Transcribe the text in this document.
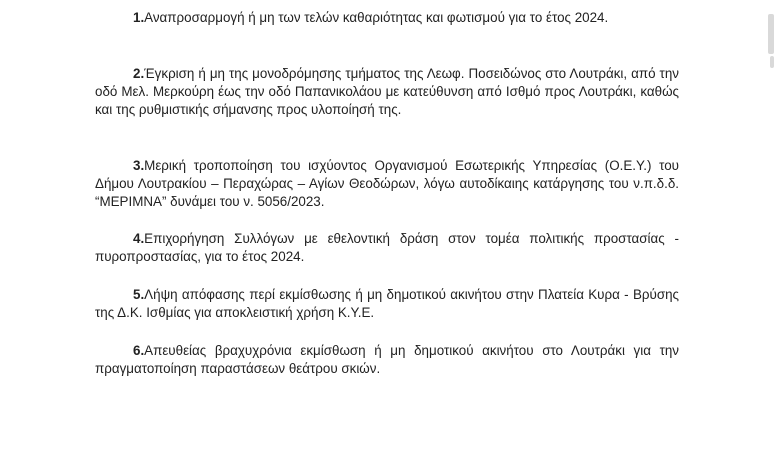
1.Αναπροσαρμογή ή μη των τελών καθαριότητας και φωτισμού για το έτος 2024.

2.Έγκριση ή μη της μονοδρόμησης τμήματος της Λεωφ. Ποσειδώνος στο Λουτράκι, από την οδό Μελ. Μερκούρη έως την οδό Παπανικολάου με κατεύθυνση από Ισθμό προς Λουτράκι, καθώς και της ρυθμιστικής σήμανσης προς υλοποίησή της.

3.Μερική τροποποίηση του ισχύοντος Οργανισμού Εσωτερικής Υπηρεσίας (Ο.Ε.Υ.) του Δήμου Λουτρακίου – Περαχώρας – Αγίων Θεοδώρων, λόγω αυτοδίκαιης κατάργησης του ν.π.δ.δ. “ΜΕΡΙΜΝΑ” δυνάμει του ν. 5056/2023.

4.Επιχορήγηση Συλλόγων με εθελοντική δράση στον τομέα πολιτικής προστασίας - πυροπροστασίας, για το έτος 2024.

5.Λήψη απόφασης περί εκμίσθωσης ή μη δημοτικού ακινήτου στην Πλατεία Κυρα - Βρύσης της Δ.Κ. Ισθμίας για αποκλειστική χρήση Κ.Υ.Ε.

6.Απευθείας βραχυχρόνια εκμίσθωση ή μη δημοτικού ακινήτου στο Λουτράκι για την πραγματοποίηση παραστάσεων θεάτρου σκιών.
